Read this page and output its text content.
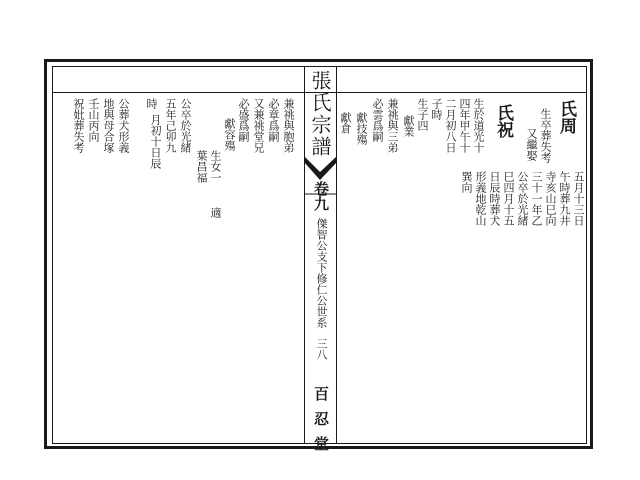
張氏宗譜
卷九
傑智公支下修仁公世系
三八
百忍堂
氏周
氏祝 生卒葬失考
又繼娶
五月十三日
午時葬九井
寺亥山巳向
三十一年乙
公卒於光緒
巳四月十五
日辰時葬犬
形義地乾山
巽向
生於道光十
四年甲午十
二月初八日
子時
生子四
獻業
兼祧與三弟
必雲爲嗣
獻技殤
獻倉
兼祧與胞弟
必章爲嗣
又兼祧堂兄
必盛爲嗣
獻容殤
生女一
適
葉昌福
時 公卒於光緒
五年己卯九
月初十日辰
公葬犬形義
地與母合塚
壬山丙向
祝妣葬失考
